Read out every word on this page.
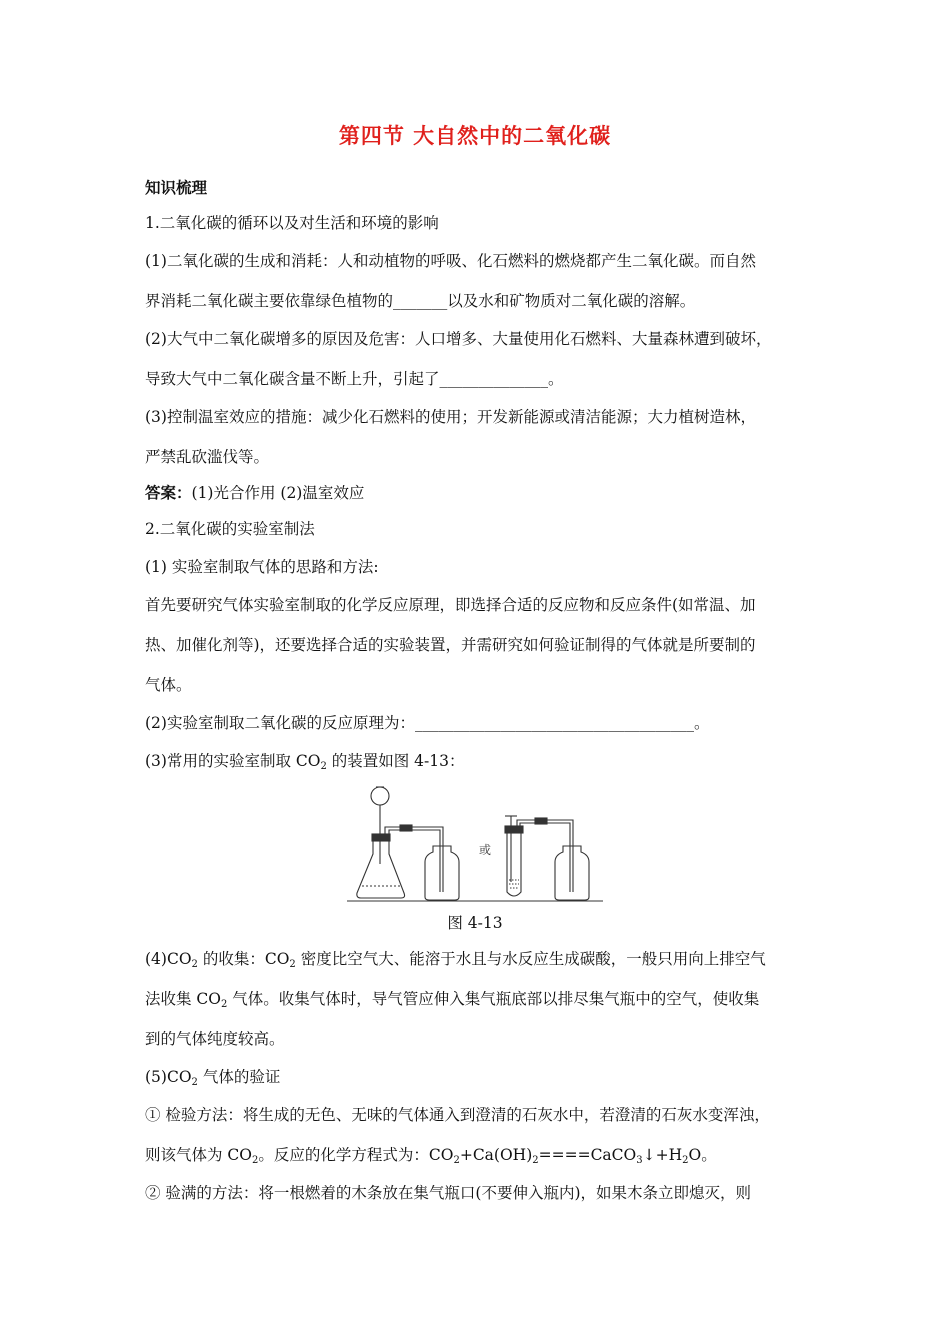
第四节 大自然中的二氧化碳
知识梳理
1.二氧化碳的循环以及对生活和环境的影响
(1)二氧化碳的生成和消耗：人和动植物的呼吸、化石燃料的燃烧都产生二氧化碳。而自然
界消耗二氧化碳主要依靠绿色植物的_______以及水和矿物质对二氧化碳的溶解。
(2)大气中二氧化碳增多的原因及危害：人口增多、大量使用化石燃料、大量森林遭到破坏，
导致大气中二氧化碳含量不断上升，引起了______________。
(3)控制温室效应的措施：减少化石燃料的使用；开发新能源或清洁能源；大力植树造林，
严禁乱砍滥伐等。
答案：(1)光合作用 (2)温室效应
2.二氧化碳的实验室制法
(1) 实验室制取气体的思路和方法:
首先要研究气体实验室制取的化学反应原理，即选择合适的反应物和反应条件(如常温、加
热、加催化剂等)，还要选择合适的实验装置，并需研究如何验证制得的气体就是所要制的
气体。
(2)实验室制取二氧化碳的反应原理为：____________________________________。
(3)常用的实验室制取 $CO_2$ 的装置如图 4-13：
或
图 4-13
$(4)CO_2$ 的收集：$CO_2$ 密度比空气大、能溶于水且与水反应生成碳酸，一般只用向上排空气
法收集 $CO_2$ 气体。收集气体时，导气管应伸入集气瓶底部以排尽集气瓶中的空气，使收集
到的气体纯度较高。
$(5)CO_2$ 气体的验证
① 检验方法：将生成的无色、无味的气体通入到澄清的石灰水中，若澄清的石灰水变浑浊，
则该气体为 $CO_2$。反应的化学方程式为：$CO_2+Ca(OH)_2====CaCO_3↓+H_2O$。
② 验满的方法：将一根燃着的木条放在集气瓶口(不要伸入瓶内)，如果木条立即熄灭，则
